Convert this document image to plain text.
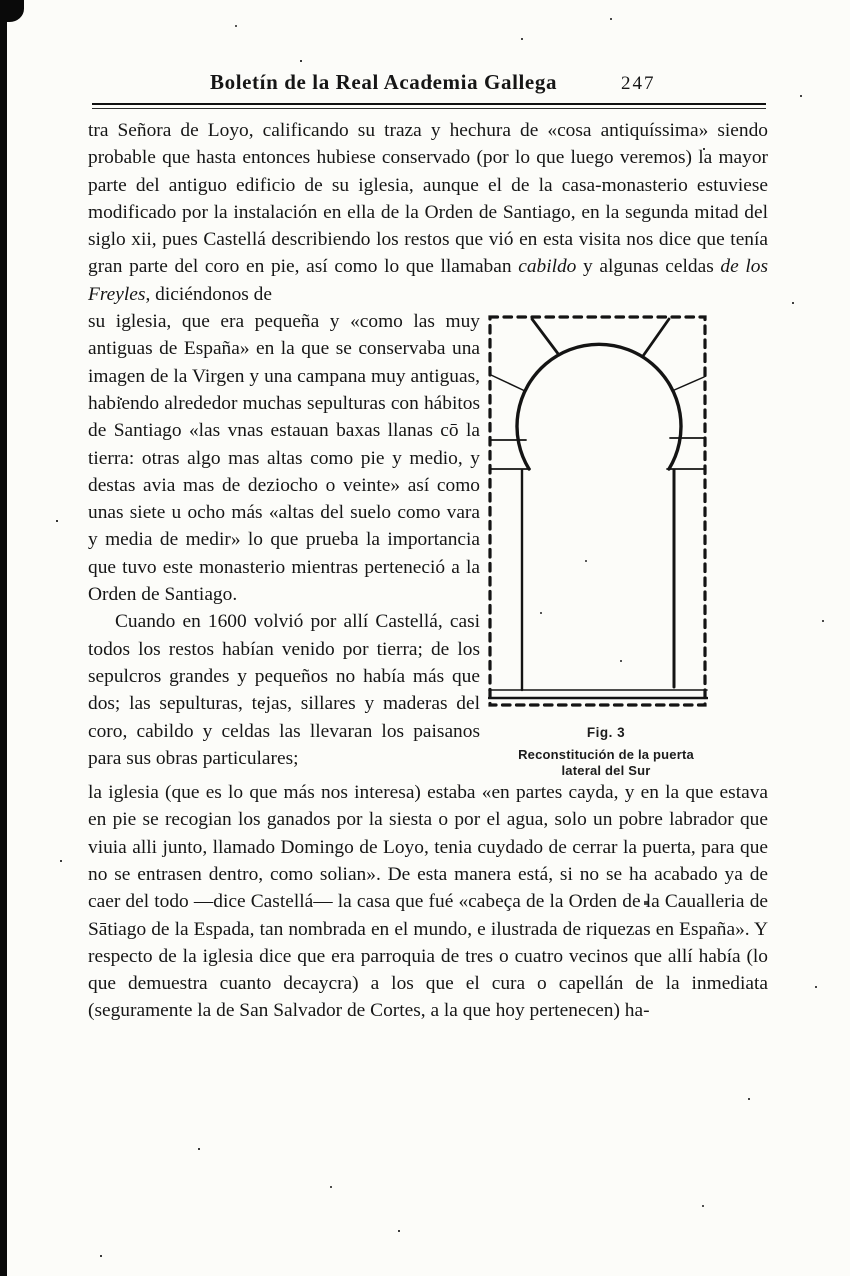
Boletín de la Real Academia Gallega	247

tra Señora de Loyo, calificando su traza y hechura de «cosa antiquíssima» siendo probable que hasta entonces hubiese conservado (por lo que luego veremos) la mayor parte del antiguo edificio de su iglesia, aunque el de la casa-monasterio estuviese modificado por la instalación en ella de la Orden de Santiago, en la segunda mitad del siglo xii, pues Castellá describiendo los restos que vió en esta visita nos dice que tenía gran parte del coro en pie, así como lo que llamaban cabildo y algunas celdas de los Freyles, diciéndonos de

su iglesia, que era pequeña y «como las muy antiguas de España» en la que se conservaba una imagen de la Virgen y una campana muy antiguas, habiendo alrededor muchas sepulturas con hábitos de Santiago «las vnas estauan baxas llanas cō la tierra: otras algo mas altas como pie y medio, y destas avia mas de deziocho o veinte» así como unas siete u ocho más «altas del suelo como vara y media de medir» lo que prueba la importancia que tuvo este monasterio mientras perteneció a la Orden de Santiago.

Cuando en 1600 volvió por allí Castellá, casi todos los restos habían venido por tierra; de los sepulcros grandes y pequeños no había más que dos; las sepulturas, tejas, sillares y maderas del coro, cabildo y celdas las llevaran los paisanos para sus obras particulares;

Fig. 3
Reconstitución de la puerta lateral del Sur

la iglesia (que es lo que más nos interesa) estaba «en partes cayda, y en la que estava en pie se recogian los ganados por la siesta o por el agua, solo un pobre labrador que viuia alli junto, llamado Domingo de Loyo, tenia cuydado de cerrar la puerta, para que no se entrasen dentro, como solian». De esta manera está, si no se ha acabado ya de caer del todo —dice Castellá— la casa que fué «cabeça de la Orden de la Caualleria de Sātiago de la Espada, tan nombrada en el mundo, e ilustrada de riquezas en España». Y respecto de la iglesia dice que era parroquia de tres o cuatro vecinos que allí había (lo que demuestra cuanto decaycra) a los que el cura o capellán de la inmediata (seguramente la de San Salvador de Cortes, a la que hoy pertenecen) ha-
